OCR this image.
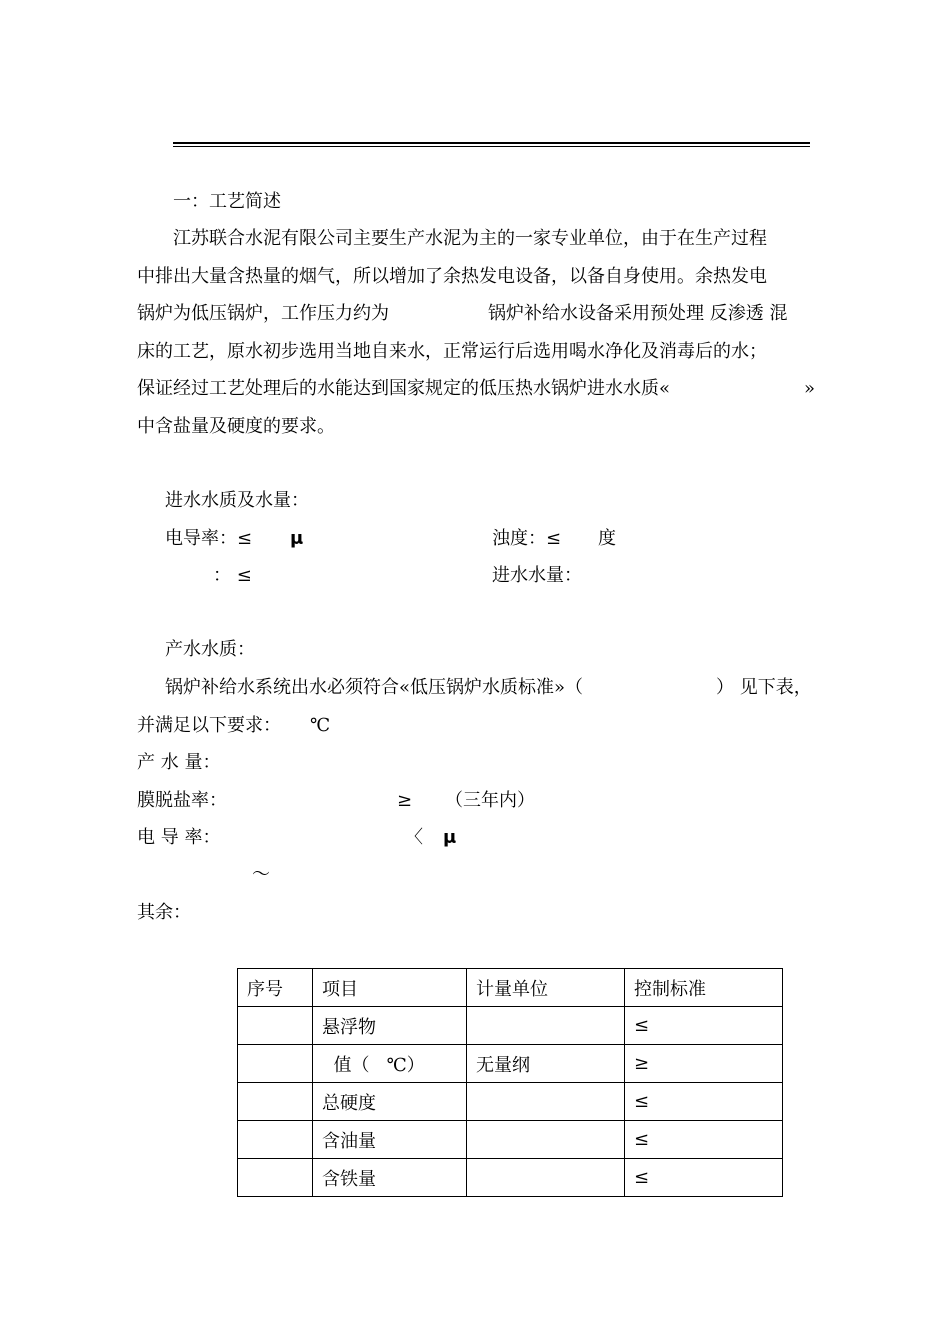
一：工艺简述
江苏联合水泥有限公司主要生产水泥为主的一家专业单位，由于在生产过程
中排出大量含热量的烟气，所以增加了余热发电设备，以备自身使用。余热发电
锅炉为低压锅炉，工作压力约为	锅炉补给水设备采用预处理 反渗透 混
床的工艺，原水初步选用当地自来水，正常运行后选用喝水净化及消毒后的水；
保证经过工艺处理后的水能达到国家规定的低压热水锅炉进水水质«	»
中含盐量及硬度的要求。
进水水质及水量：
电导率：≤ μ	浊度：≤ 度
： ≤	进水水量：
产水水质：
锅炉补给水系统出水必须符合«低压锅炉水质标准»（	） 见下表，
并满足以下要求： ℃
产 水 量：
膜脱盐率：	≥ （三年内）
电 导 率：	〈 μ
～
其余：
序号	项目	计量单位	控制标准
	悬浮物		≤
	值（   ℃）	无量纲	≥
	总硬度		≤
	含油量		≤
	含铁量		≤
